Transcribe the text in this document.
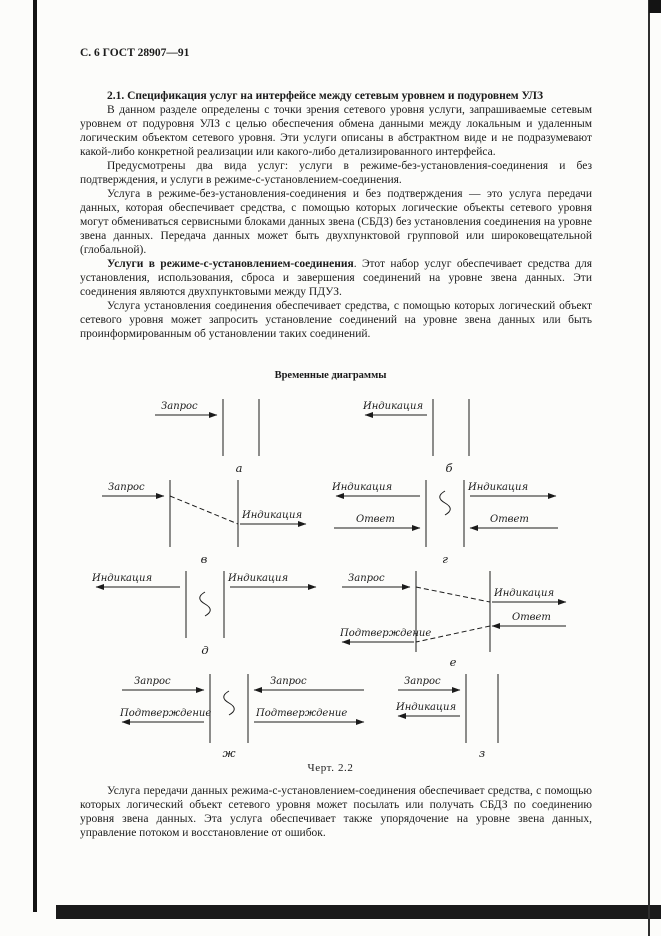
С. 6 ГОСТ 28907—91

2.1. Спецификация услуг на интерфейсе между сетевым уровнем и подуровнем УЛЗ

В данном разделе определены с точки зрения сетевого уровня услуги, запрашиваемые сетевым уровнем от подуровня УЛЗ с целью обеспечения обмена данными между локальным и удаленным логическим объектом сетевого уровня. Эти услуги описаны в абстрактном виде и не подразумевают какой-либо конкретной реализации или какого-либо детализированного интерфейса.

Предусмотрены два вида услуг: услуги в режиме-без-установления-соединения и без подтверждения, и услуги в режиме-с-установлением-соединения.

Услуга в режиме-без-установления-соединения и без подтверждения — это услуга передачи данных, которая обеспечивает средства, с помощью которых логические объекты сетевого уровня могут обмениваться сервисными блоками данных звена (СБДЗ) без установления соединения на уровне звена данных. Передача данных может быть двухпунктовой групповой или широковещательной (глобальной).

Услуги в режиме-с-установлением-соединения. Этот набор услуг обеспечивает средства для установления, использования, сброса и завершения соединений на уровне звена данных. Эти соединения являются двухпунктовыми между ПДУЗ.

Услуга установления соединения обеспечивает средства, с помощью которых логический объект сетевого уровня может запросить установление соединений на уровне звена данных или быть проинформированным об установлении таких соединений.

Временные диаграммы
Запрос
а
Индикация
б
Запрос
Индикация
в
Индикация
Ответ
Индикация
Ответ
г
Индикация	Индикация
д
Запрос
Индикация
Ответ
Подтверждение
е
Запрос
Подтверждение
Запрос
Подтверждение
ж
Запрос
Индикация
з
Черт. 2.2

Услуга передачи данных режима-с-установлением-соединения обеспечивает средства, с помощью которых логический объект сетевого уровня может посылать или получать СБДЗ по соединению уровня звена данных. Эта услуга обеспечивает также упорядочение на уровне звена данных, управление потоком и восстановление от ошибок.
